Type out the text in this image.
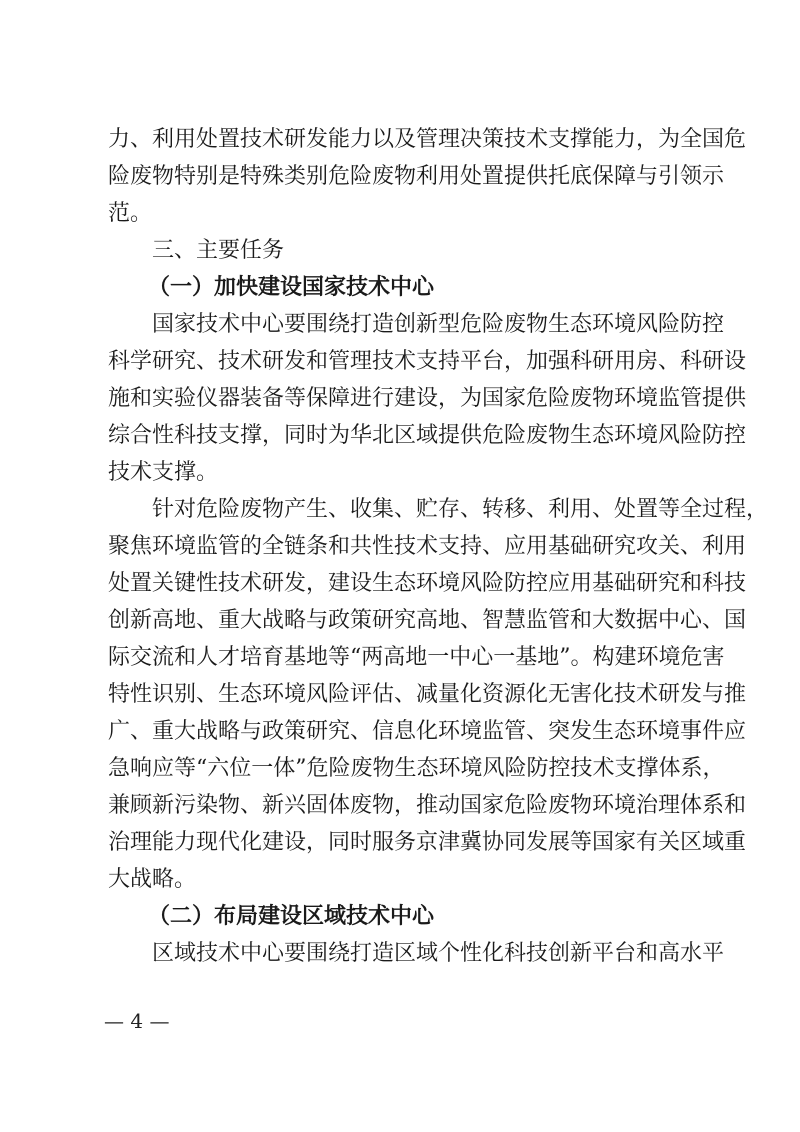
力、利用处置技术研发能力以及管理决策技术支撑能力，为全国危
险废物特别是特殊类别危险废物利用处置提供托底保障与引领示
范。
三、主要任务
（一）加快建设国家技术中心
国家技术中心要围绕打造创新型危险废物生态环境风险防控
科学研究、技术研发和管理技术支持平台，加强科研用房、科研设
施和实验仪器装备等保障进行建设，为国家危险废物环境监管提供
综合性科技支撑，同时为华北区域提供危险废物生态环境风险防控
技术支撑。
针对危险废物产生、收集、贮存、转移、利用、处置等全过程，
聚焦环境监管的全链条和共性技术支持、应用基础研究攻关、利用
处置关键性技术研发，建设生态环境风险防控应用基础研究和科技
创新高地、重大战略与政策研究高地、智慧监管和大数据中心、国
际交流和人才培育基地等“两高地一中心一基地”。构建环境危害
特性识别、生态环境风险评估、减量化资源化无害化技术研发与推
广、重大战略与政策研究、信息化环境监管、突发生态环境事件应
急响应等“六位一体”危险废物生态环境风险防控技术支撑体系，
兼顾新污染物、新兴固体废物，推动国家危险废物环境治理体系和
治理能力现代化建设，同时服务京津冀协同发展等国家有关区域重
大战略。
（二）布局建设区域技术中心
区域技术中心要围绕打造区域个性化科技创新平台和高水平
— 4 —
